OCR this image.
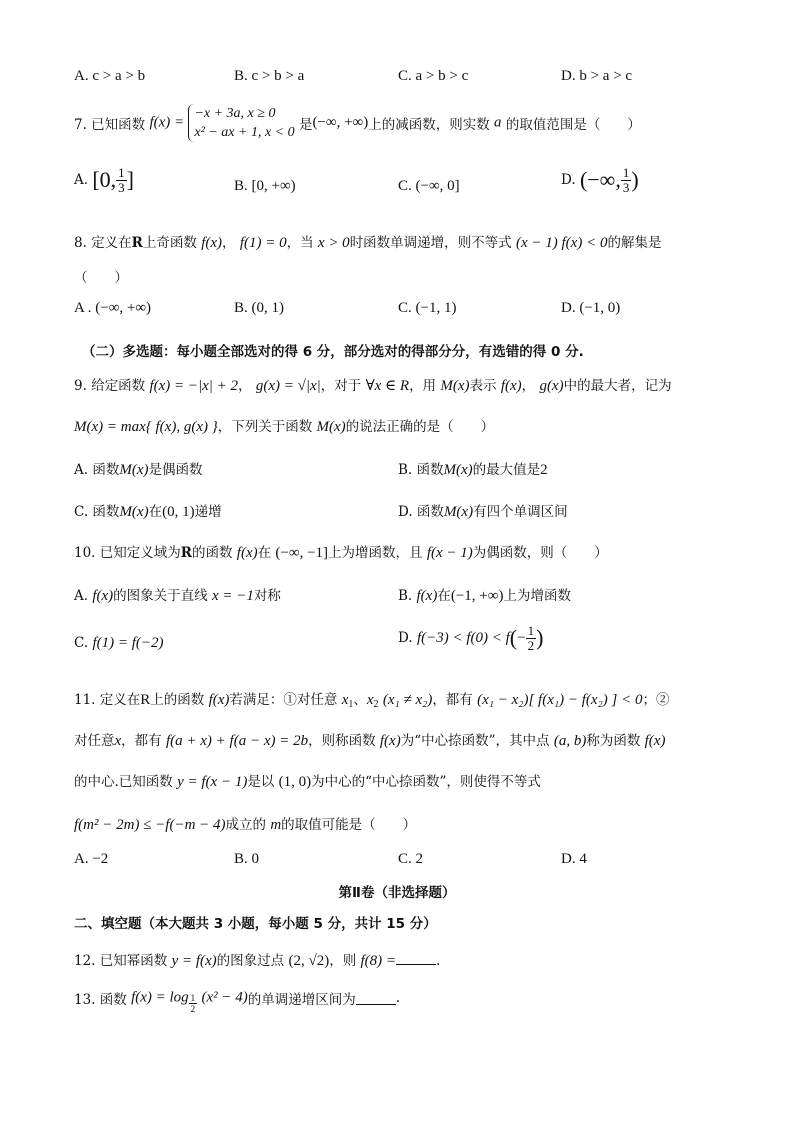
A. c > a > b	B. c > b > a	C. a > b > c	D. b > a > c
7. 已知函数 f(x) =
−x + 3a, x ≥ 0
x² − ax + 1, x < 0 是(−∞, +∞)上的减函数，则实数 a 的取值范围是（　　）
A. [0, $\frac{1}{3}$ ]	B. [0, +∞)	C. (−∞, 0]	D. (−∞, $\frac{1}{3}$ )
8. 定义在R上奇函数 f(x)， f(1) = 0，当 x > 0时函数单调递增，则不等式 (x − 1) f(x) < 0的解集是
（　　）
A . (−∞, +∞)	B. (0, 1)	C. (−1, 1)	D. (−1, 0)
（二）多选题：每小题全部选对的得 6 分，部分选对的得部分分，有选错的得 0 分.
9. 给定函数 f(x) = −|x| + 2， g(x) = √|x|，对于 ∀x ∈ R，用 M(x)表示 f(x)， g(x)中的最大者，记为
M(x) = max{ f(x), g(x) }，下列关于函数 M(x)的说法正确的是（　　）
A. 函数M(x)是偶函数	B. 函数M(x)的最大值是2
C. 函数M(x)在(0, 1)递增	D. 函数M(x)有四个单调区间
10. 已知定义域为R的函数 f(x)在 (−∞, −1]上为增函数，且 f(x − 1)为偶函数，则（　　）
A. f(x)的图象关于直线 x = −1对称	B. f(x)在(−1, +∞)上为增函数
C. f(1) = f(−2)	D. $f(-3) < f(0) < f(- \frac{1}{2}$ )
11. 定义在R上的函数 f(x)若满足：①对任意 $x_1$、$x_2$ (x₁ ≠ x₂)，都有 (x₁ − x₂)[ f(x₁) − f(x₂) ] < 0；②
对任意x，都有 f(a + x) + f(a − x) = 2b，则称函数 f(x)为“中心捺函数”，其中点 (a, b)称为函数 f(x)
的中心.已知函数 y = f(x − 1)是以 (1, 0)为中心的“中心捺函数”，则使得不等式
f(m² − 2m) ≤ −f(−m − 4)成立的 m的取值可能是（　　）
A. −2	B. 0	C. 2	D. 4
第Ⅱ卷（非选择题）
二、填空题（本大题共 3 小题，每小题 5 分，共计 15 分）
12. 已知幂函数 y = f(x)的图象过点 (2, √2)，则 f(8) =	.
13. 函数 $f(x) = \log \frac{1}{2} (x^2 - 4)$的单调递增区间为	.
